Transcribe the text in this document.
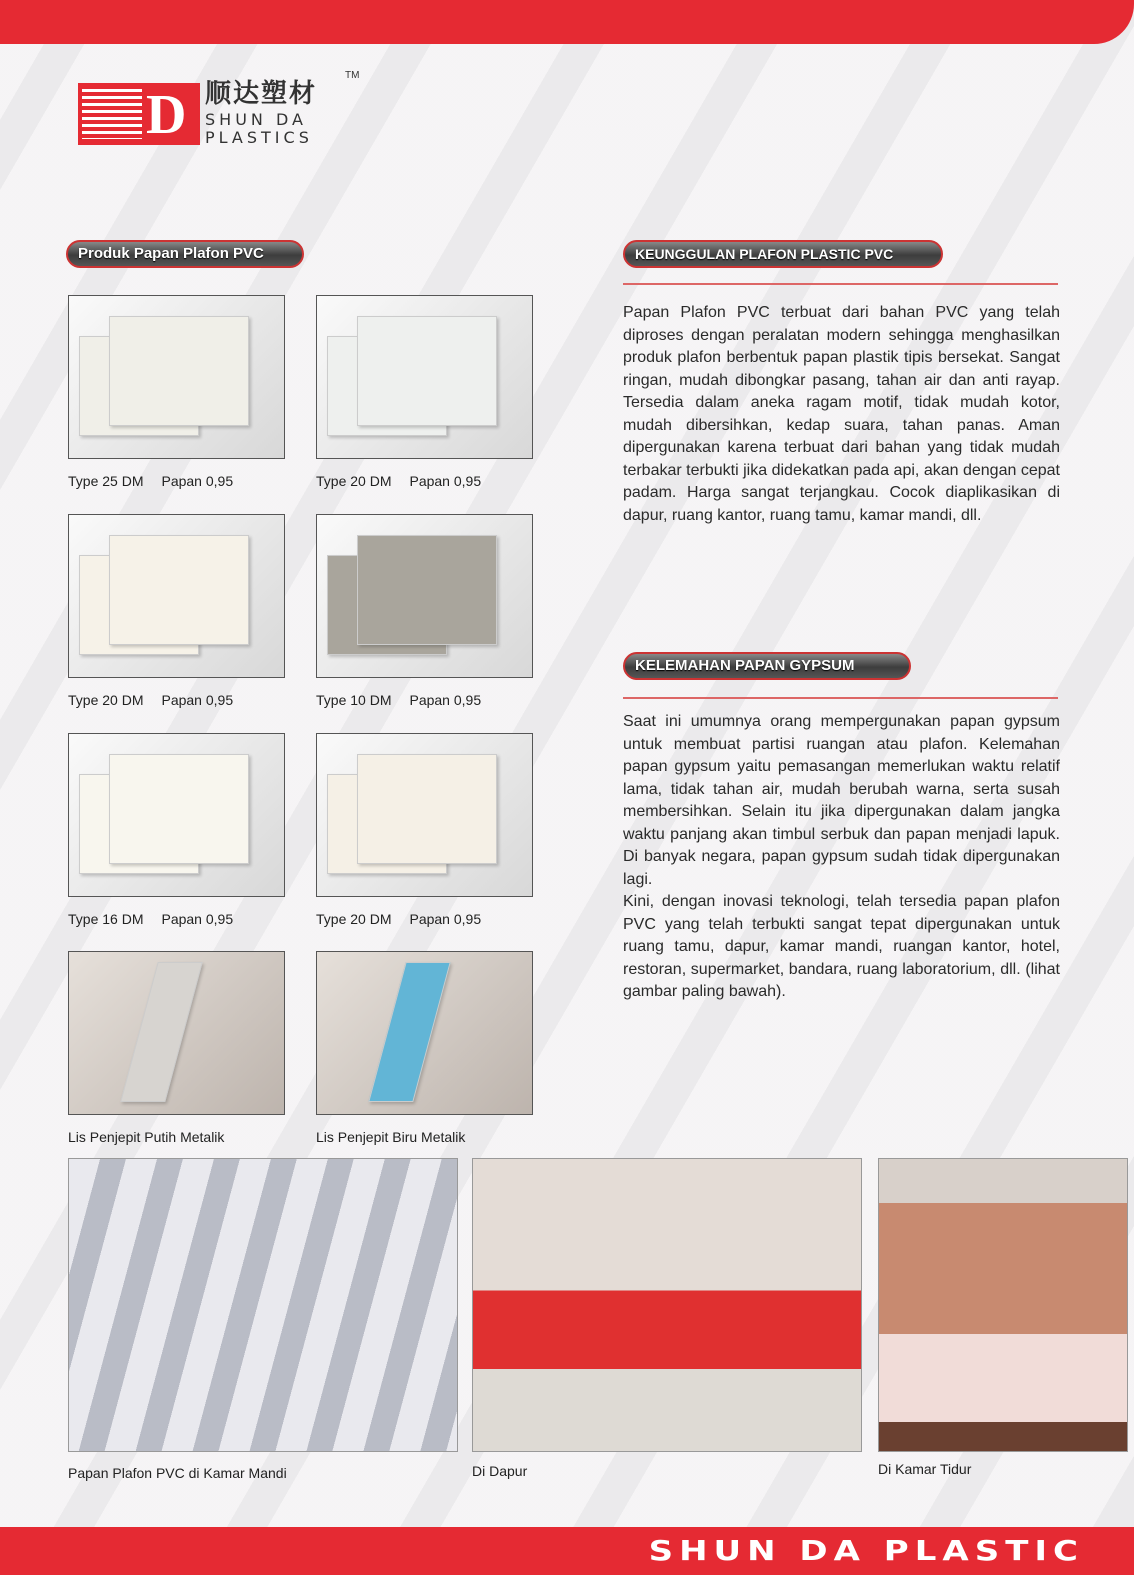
D 顺达塑材
TM
SHUN DA
PLASTICS
Produk Papan Plafon PVC
Type 25 DM Papan 0,95	Type 20 DM Papan 0,95
Type 20 DM Papan 0,95	Type 10 DM Papan 0,95
Type 16 DM Papan 0,95	Type 20 DM Papan 0,95
Lis Penjepit Putih Metalik	Lis Penjepit Biru Metalik
KEUNGGULAN PLAFON PLASTIC PVC
Papan Plafon PVC terbuat dari bahan PVC yang telah diproses dengan peralatan modern sehingga menghasilkan produk plafon berbentuk papan plastik tipis bersekat. Sangat ringan, mudah dibongkar pasang, tahan air dan anti rayap. Tersedia dalam aneka ragam motif, tidak mudah kotor, mudah dibersihkan, kedap suara, tahan panas. Aman dipergunakan karena terbuat dari bahan yang tidak mudah terbakar terbukti jika didekatkan pada api, akan dengan cepat padam. Harga sangat terjangkau. Cocok diaplikasikan di dapur, ruang kantor, ruang tamu, kamar mandi, dll.
KELEMAHAN PAPAN GYPSUM
Saat ini umumnya orang mempergunakan papan gypsum untuk membuat partisi ruangan atau plafon. Kelemahan papan gypsum yaitu pemasangan memerlukan waktu relatif lama, tidak tahan air, mudah berubah warna, serta susah membersihkan. Selain itu jika dipergunakan dalam jangka waktu panjang akan timbul serbuk dan papan menjadi lapuk. Di banyak negara, papan gypsum sudah tidak dipergunakan lagi.
Kini, dengan inovasi teknologi, telah tersedia papan plafon PVC yang telah terbukti sangat tepat dipergunakan untuk ruang tamu, dapur, kamar mandi, ruangan kantor, hotel, restoran, supermarket, bandara, ruang laboratorium, dll. (lihat gambar paling bawah).
Papan Plafon PVC di Kamar Mandi	Di Dapur	Di Kamar Tidur
SHUN DA PLASTIC
